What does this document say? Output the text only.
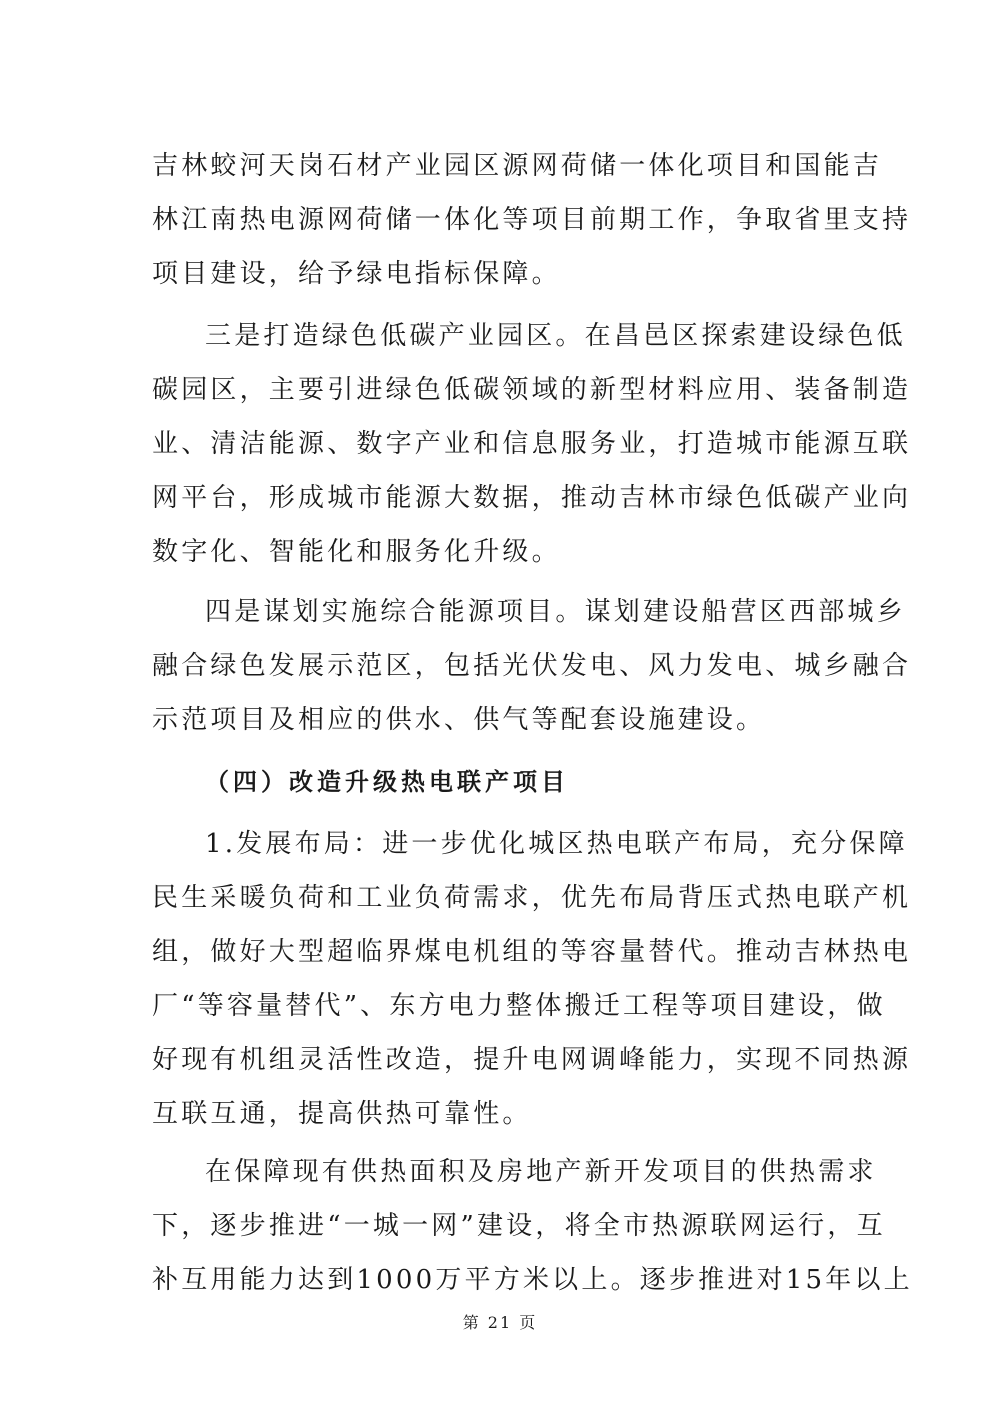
吉林蛟河天岗石材产业园区源网荷储一体化项目和国能吉
林江南热电源网荷储一体化等项目前期工作，争取省里支持
项目建设，给予绿电指标保障。
三是打造绿色低碳产业园区。在昌邑区探索建设绿色低
碳园区，主要引进绿色低碳领域的新型材料应用、装备制造
业、清洁能源、数字产业和信息服务业，打造城市能源互联
网平台，形成城市能源大数据，推动吉林市绿色低碳产业向
数字化、智能化和服务化升级。
四是谋划实施综合能源项目。谋划建设船营区西部城乡
融合绿色发展示范区，包括光伏发电、风力发电、城乡融合
示范项目及相应的供水、供气等配套设施建设。
（四）改造升级热电联产项目
1.发展布局：进一步优化城区热电联产布局，充分保障
民生采暖负荷和工业负荷需求，优先布局背压式热电联产机
组，做好大型超临界煤电机组的等容量替代。推动吉林热电
厂“等容量替代”、东方电力整体搬迁工程等项目建设，做
好现有机组灵活性改造，提升电网调峰能力，实现不同热源
互联互通，提高供热可靠性。
在保障现有供热面积及房地产新开发项目的供热需求
下，逐步推进“一城一网”建设，将全市热源联网运行，互
补互用能力达到1000万平方米以上。逐步推进对15年以上
第 21 页
